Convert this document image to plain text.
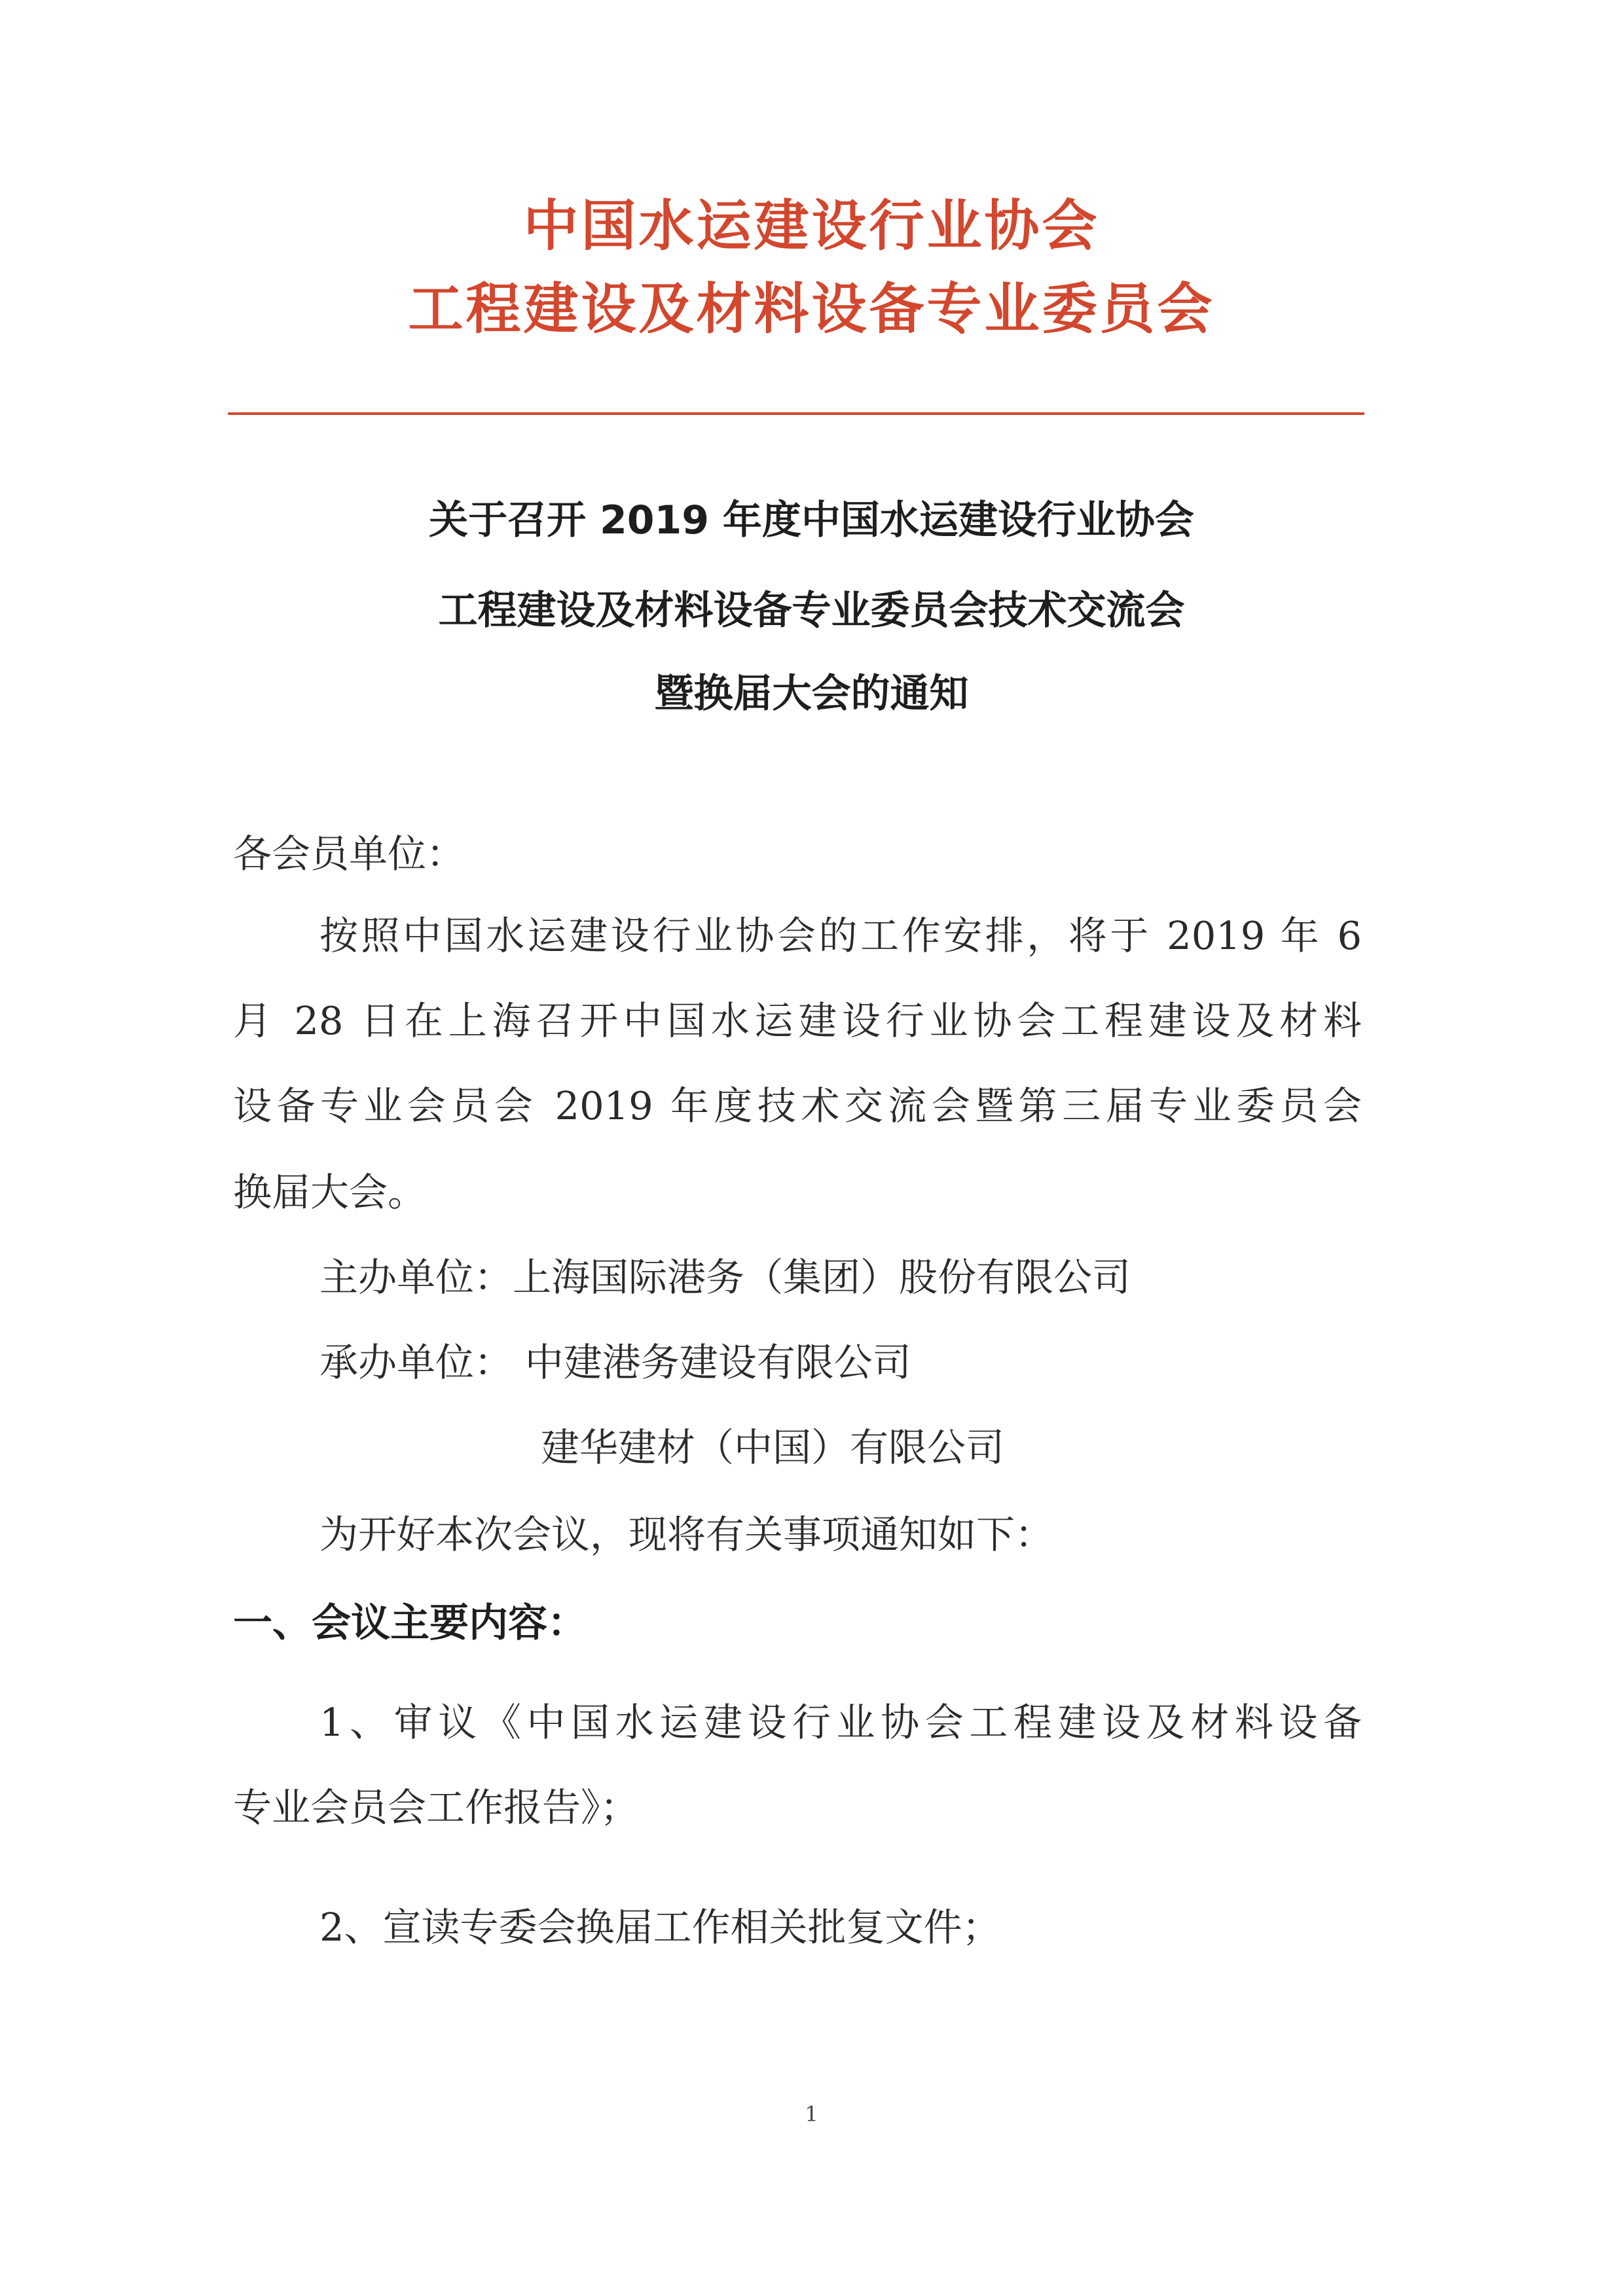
中国水运建设行业协会
工程建设及材料设备专业委员会
关于召开 2019 年度中国水运建设行业协会
工程建设及材料设备专业委员会技术交流会
暨换届大会的通知
各会员单位：
按照中国水运建设行业协会的工作安排，将于 2019 年 6
月 28 日在上海召开中国水运建设行业协会工程建设及材料
设备专业会员会 2019 年度技术交流会暨第三届专业委员会
换届大会。
主办单位：上海国际港务（集团）股份有限公司
承办单位： 中建港务建设有限公司
建华建材（中国）有限公司
为开好本次会议，现将有关事项通知如下：
一、会议主要内容：
1、审议《中国水运建设行业协会工程建设及材料设备
专业会员会工作报告》；
2、宣读专委会换届工作相关批复文件；
1
